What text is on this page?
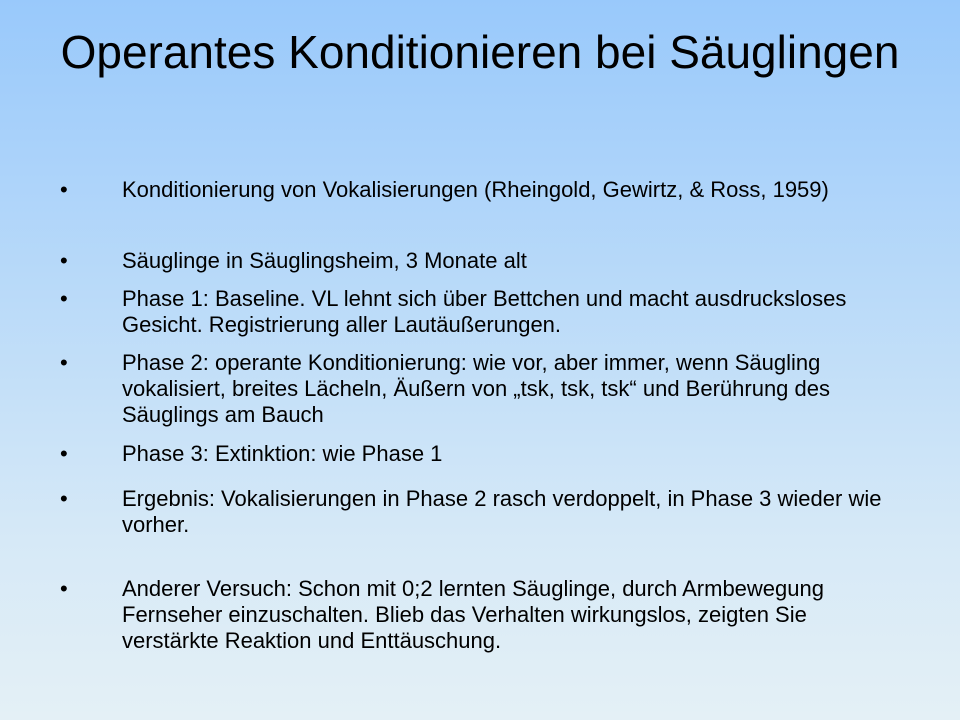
Operantes Konditionieren bei Säuglingen
• Konditionierung von Vokalisierungen (Rheingold, Gewirtz, & Ross, 1959)
• Säuglinge in Säuglingsheim, 3 Monate alt
• Phase 1: Baseline. VL lehnt sich über Bettchen und macht ausdrucksloses Gesicht. Registrierung aller Lautäußerungen.
• Phase 2: operante Konditionierung: wie vor, aber immer, wenn Säugling vokalisiert, breites Lächeln, Äußern von „tsk, tsk, tsk“ und Berührung des Säuglings am Bauch
• Phase 3: Extinktion: wie Phase 1
• Ergebnis: Vokalisierungen in Phase 2 rasch verdoppelt, in Phase 3 wieder wie vorher.
• Anderer Versuch: Schon mit 0;2 lernten Säuglinge, durch Armbewegung Fernseher einzuschalten. Blieb das Verhalten wirkungslos, zeigten Sie verstärkte Reaktion und Enttäuschung.
